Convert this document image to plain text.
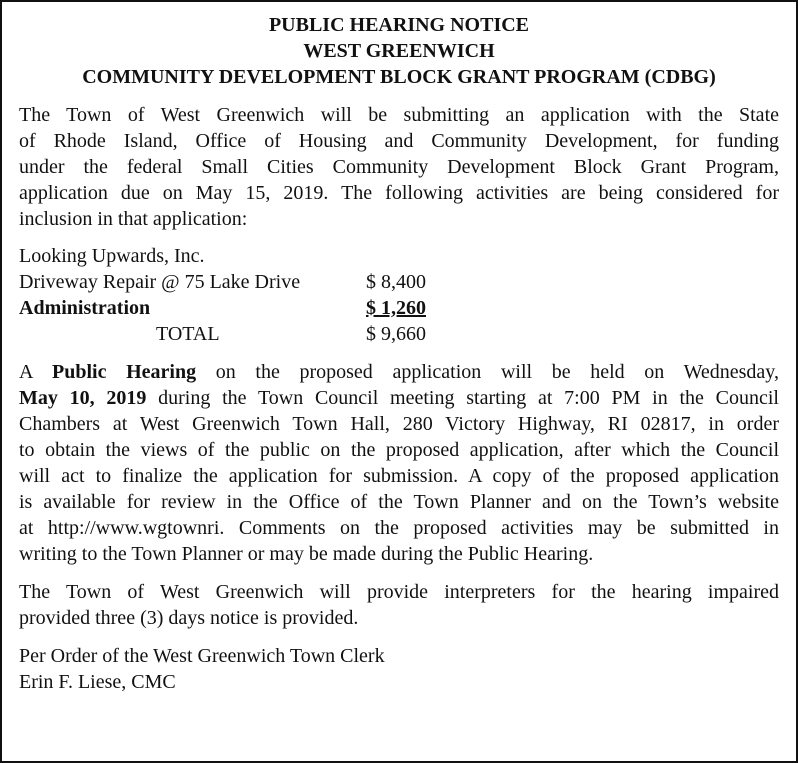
PUBLIC HEARING NOTICE
WEST GREENWICH
COMMUNITY DEVELOPMENT BLOCK GRANT PROGRAM (CDBG)
The Town of West Greenwich will be submitting an application with the State
of Rhode Island, Office of Housing and Community Development, for funding
under the federal Small Cities Community Development Block Grant Program,
application due on May 15, 2019. The following activities are being considered for
inclusion in that application:
Looking Upwards, Inc.
Driveway Repair @ 75 Lake Drive	$ 8,400
Administration	$ 1,260
TOTAL	$ 9,660
A Public Hearing on the proposed application will be held on Wednesday,
May 10, 2019 during the Town Council meeting starting at 7:00 PM in the Council
Chambers at West Greenwich Town Hall, 280 Victory Highway, RI 02817, in order
to obtain the views of the public on the proposed application, after which the Council
will act to finalize the application for submission. A copy of the proposed application
is available for review in the Office of the Town Planner and on the Town’s website
at http://www.wgtownri. Comments on the proposed activities may be submitted in
writing to the Town Planner or may be made during the Public Hearing.
The Town of West Greenwich will provide interpreters for the hearing impaired
provided three (3) days notice is provided.
Per Order of the West Greenwich Town Clerk
Erin F. Liese, CMC
